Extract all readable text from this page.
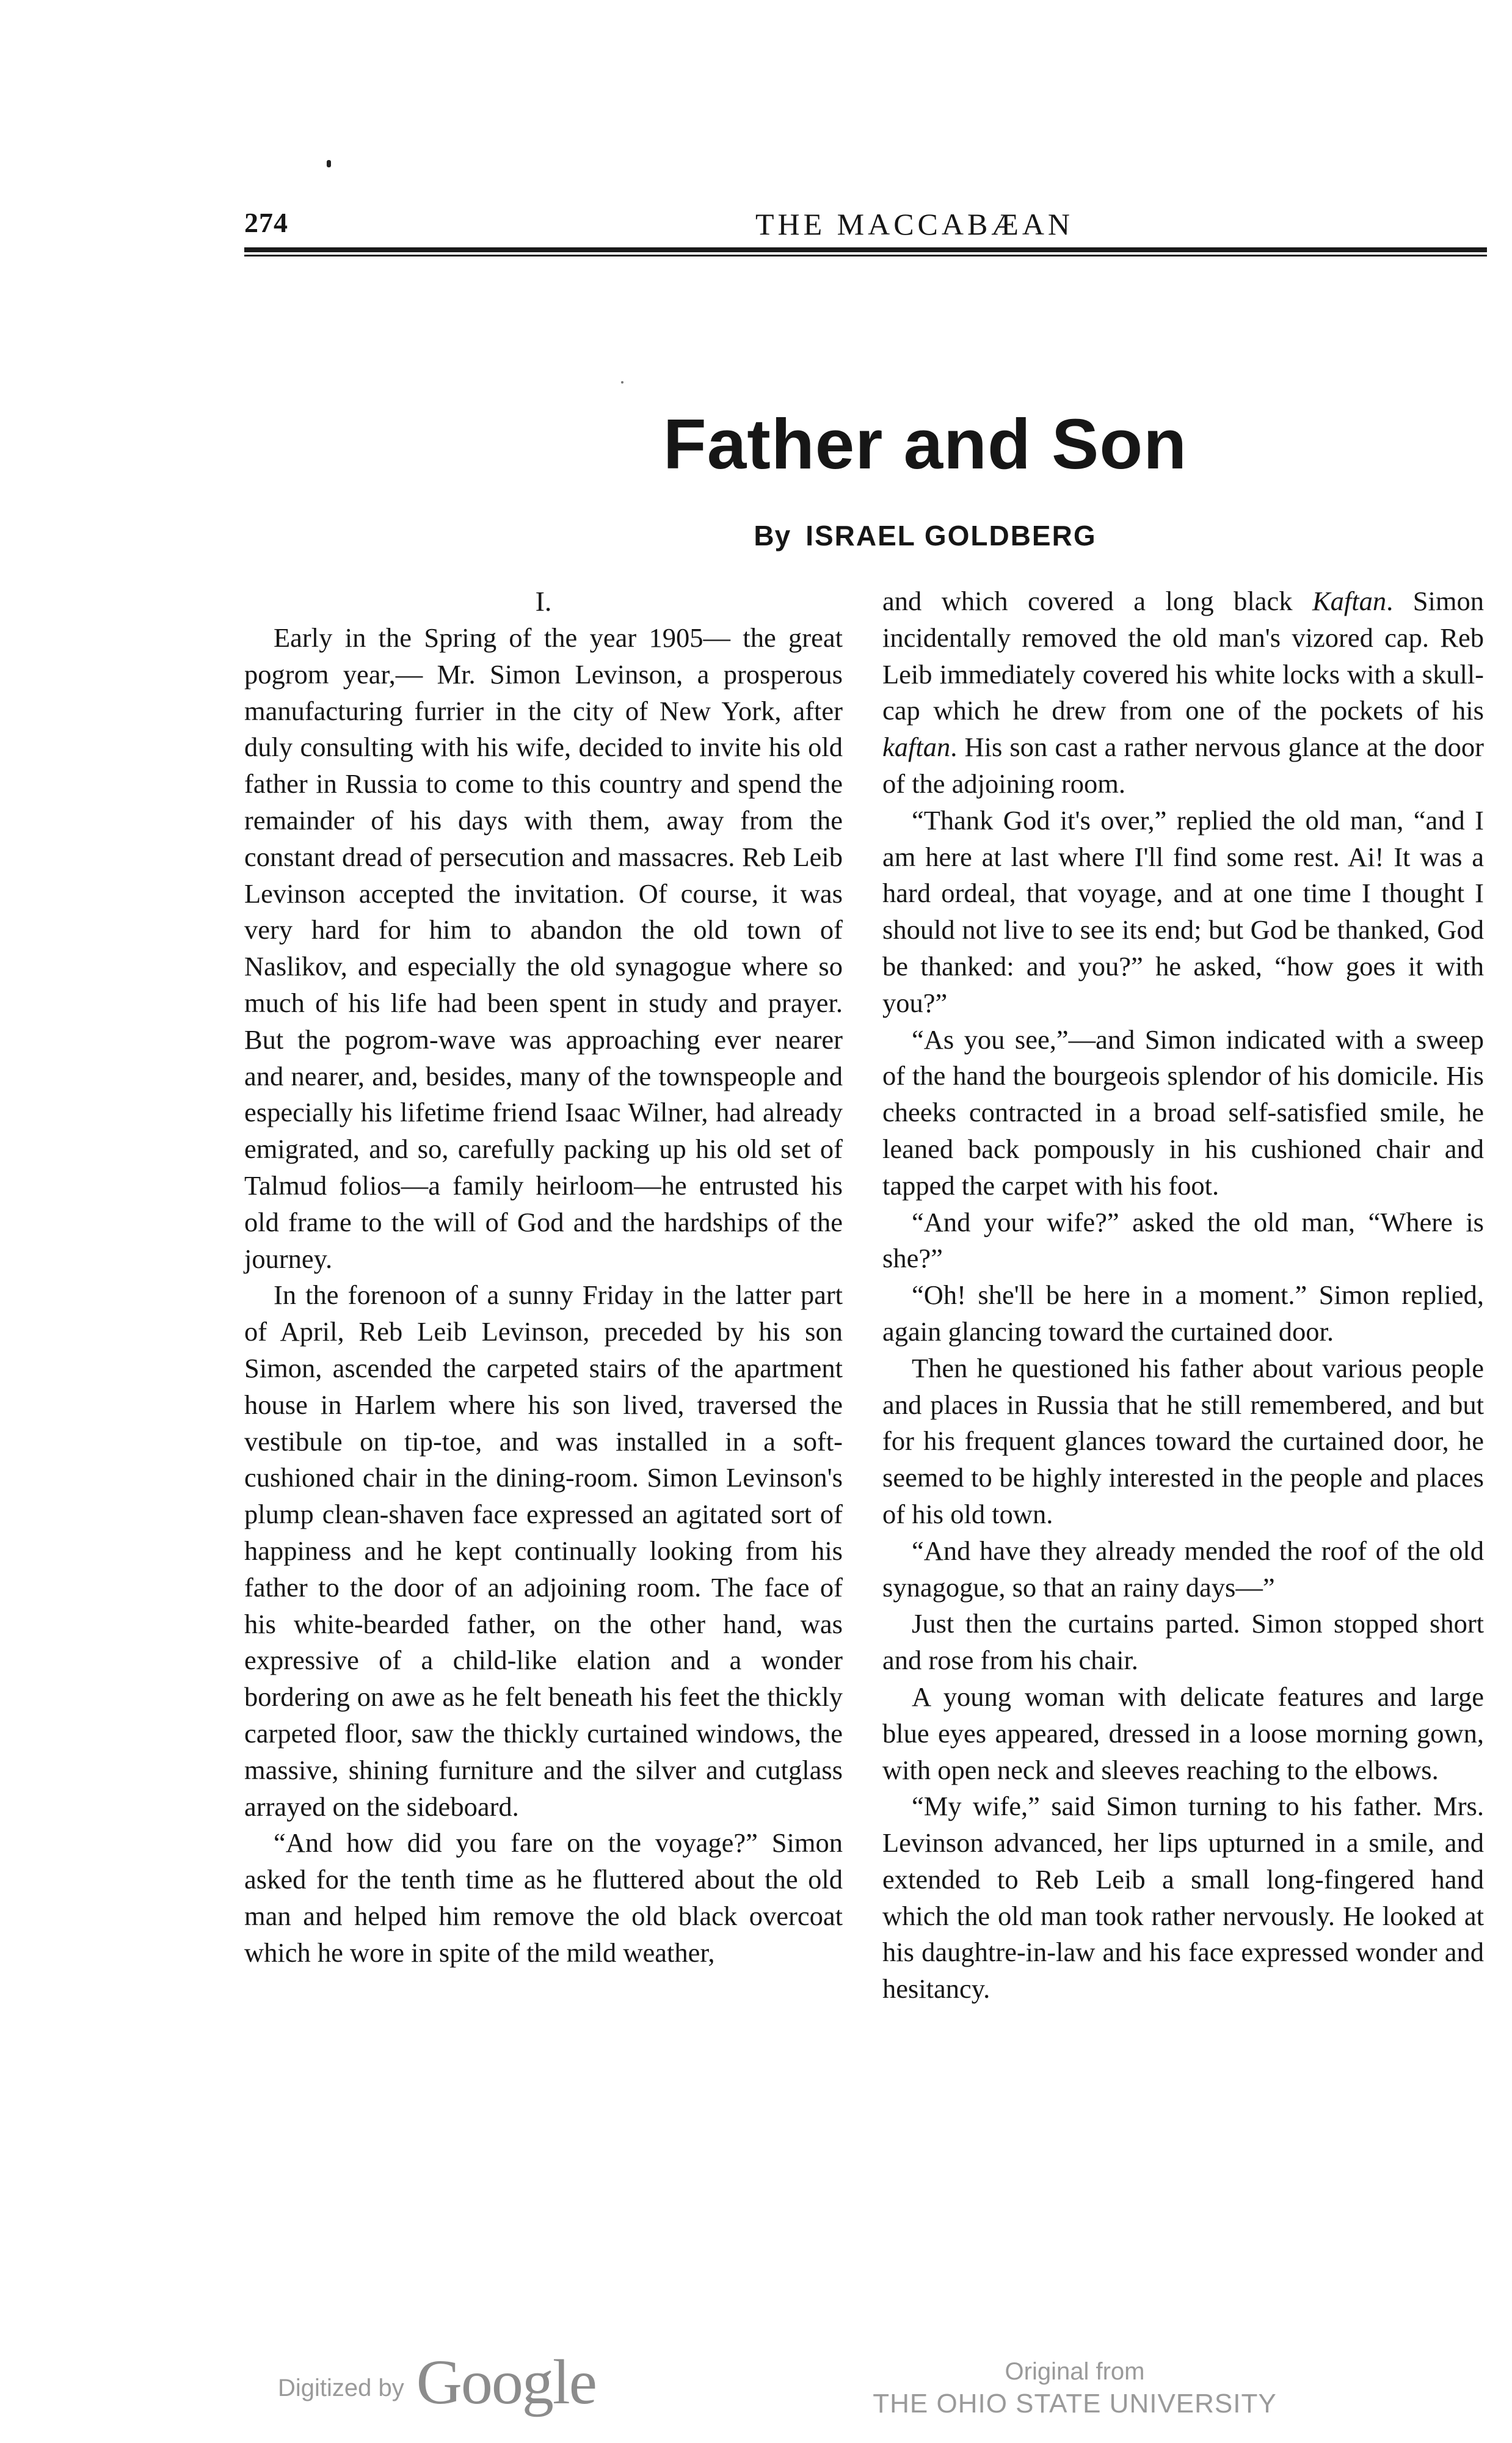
274	THE MACCABÆAN
Father and Son
By ISRAEL GOLDBERG
I.

Early in the Spring of the year 1905— the great pogrom year,— Mr. Simon Levinson, a prosperous manufacturing furrier in the city of New York, after duly consulting with his wife, decided to invite his old father in Russia to come to this country and spend the remainder of his days with them, away from the constant dread of persecution and massacres. Reb Leib Levinson accepted the invitation. Of course, it was very hard for him to abandon the old town of Naslikov, and especially the old synagogue where so much of his life had been spent in study and prayer. But the pogrom-wave was approaching ever nearer and nearer, and, besides, many of the townspeople and especially his lifetime friend Isaac Wilner, had already emigrated, and so, carefully packing up his old set of Talmud folios—a family heirloom—he entrusted his old frame to the will of God and the hardships of the journey.

In the forenoon of a sunny Friday in the latter part of April, Reb Leib Levinson, preceded by his son Simon, ascended the carpeted stairs of the apartment house in Harlem where his son lived, traversed the vestibule on tip-toe, and was installed in a soft-cushioned chair in the dining-room. Simon Levinson's plump clean-shaven face expressed an agitated sort of happiness and he kept continually looking from his father to the door of an adjoining room. The face of his white-bearded father, on the other hand, was expressive of a child-like elation and a wonder bordering on awe as he felt beneath his feet the thickly carpeted floor, saw the thickly curtained windows, the massive, shining furniture and the silver and cutglass arrayed on the sideboard.

“And how did you fare on the voyage?” Simon asked for the tenth time as he fluttered about the old man and helped him remove the old black overcoat which he wore in spite of the mild weather,

and which covered a long black Kaftan. Simon incidentally removed the old man's vizored cap. Reb Leib immediately covered his white locks with a skull-cap which he drew from one of the pockets of his kaftan. His son cast a rather nervous glance at the door of the adjoining room.

“Thank God it's over,” replied the old man, “and I am here at last where I'll find some rest. Ai! It was a hard ordeal, that voyage, and at one time I thought I should not live to see its end; but God be thanked, God be thanked: and you?” he asked, “how goes it with you?”

“As you see,”—and Simon indicated with a sweep of the hand the bourgeois splendor of his domicile. His cheeks contracted in a broad self-satisfied smile, he leaned back pompously in his cushioned chair and tapped the carpet with his foot.

“And your wife?” asked the old man, “Where is she?”

“Oh! she'll be here in a moment.” Simon replied, again glancing toward the curtained door.

Then he questioned his father about various people and places in Russia that he still remembered, and but for his frequent glances toward the curtained door, he seemed to be highly interested in the people and places of his old town.

“And have they already mended the roof of the old synagogue, so that an rainy days—”

Just then the curtains parted. Simon stopped short and rose from his chair.

A young woman with delicate features and large blue eyes appeared, dressed in a loose morning gown, with open neck and sleeves reaching to the elbows.

“My wife,” said Simon turning to his father. Mrs. Levinson advanced, her lips upturned in a smile, and extended to Reb Leib a small long-fingered hand which the old man took rather nervously. He looked at his daughtre-in-law and his face expressed wonder and hesitancy.

Digitized by Google	Original from
THE OHIO STATE UNIVERSITY
